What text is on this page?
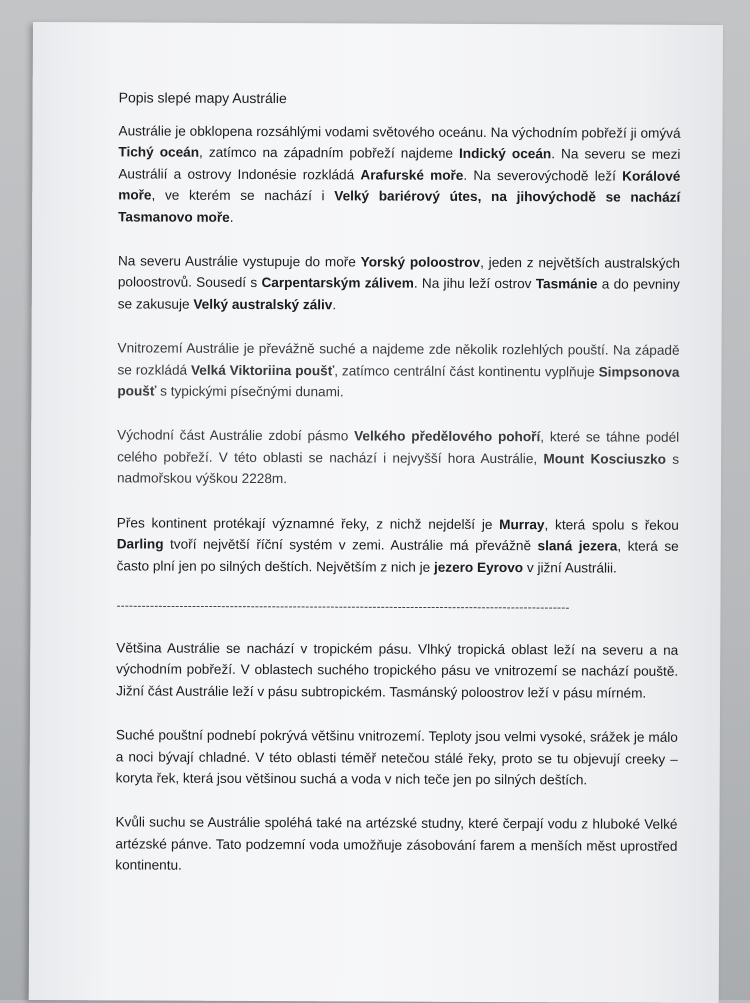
Popis slepé mapy Austrálie

Austrálie je obklopena rozsáhlými vodami světového oceánu. Na východním pobřeží ji omývá Tichý oceán, zatímco na západním pobřeží najdeme Indický oceán. Na severu se mezi Austrálií a ostrovy Indonésie rozkládá Arafurské moře. Na severovýchodě leží Korálové moře, ve kterém se nachází i Velký bariérový útes, na jihovýchodě se nachází Tasmanovo moře.

Na severu Austrálie vystupuje do moře Yorský poloostrov, jeden z největších australských poloostrovů. Sousedí s Carpentarským zálivem. Na jihu leží ostrov Tasmánie a do pevniny se zakusuje Velký australský záliv.

Vnitrozemí Austrálie je převážně suché a najdeme zde několik rozlehlých pouští. Na západě se rozkládá Velká Viktoriina poušť, zatímco centrální část kontinentu vyplňuje Simpsonova poušť s typickými písečnými dunami.

Východní část Austrálie zdobí pásmo Velkého předělového pohoří, které se táhne podél celého pobřeží. V této oblasti se nachází i nejvyšší hora Austrálie, Mount Kosciuszko s nadmořskou výškou 2228m.

Přes kontinent protékají významné řeky, z nichž nejdelší je Murray, která spolu s řekou Darling tvoří největší říční systém v zemi. Austrálie má převážně slaná jezera, která se často plní jen po silných deštích. Největším z nich je jezero Eyrovo v jižní Austrálii.

------------------------------------------------------------------------------------------------------------

Většina Austrálie se nachází v tropickém pásu. Vlhký tropická oblast leží na severu a na východním pobřeží. V oblastech suchého tropického pásu ve vnitrozemí se nachází pouště. Jižní část Austrálie leží v pásu subtropickém. Tasmánský poloostrov leží v pásu mírném.

Suché pouštní podnebí pokrývá většinu vnitrozemí. Teploty jsou velmi vysoké, srážek je málo a noci bývají chladné. V této oblasti téměř netečou stálé řeky, proto se tu objevují creeky – koryta řek, která jsou většinou suchá a voda v nich teče jen po silných deštích.

Kvůli suchu se Austrálie spoléhá také na artézské studny, které čerpají vodu z hluboké Velké artézské pánve. Tato podzemní voda umožňuje zásobování farem a menších měst uprostřed kontinentu.
